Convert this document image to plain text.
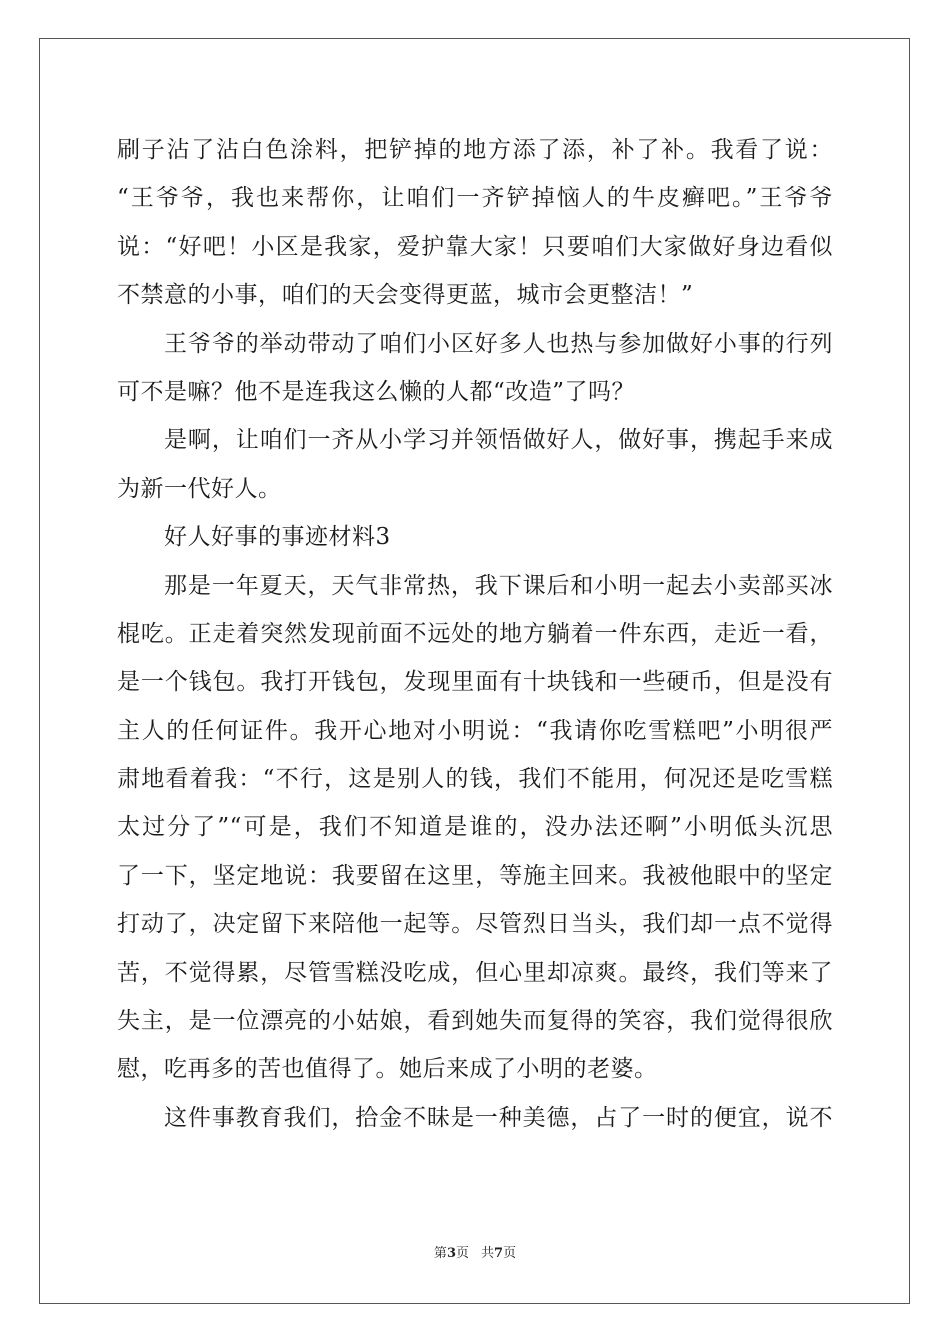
刷子沾了沾白色涂料，把铲掉的地方添了添，补了补。我看了说：
“王爷爷，我也来帮你，让咱们一齐铲掉恼人的牛皮癣吧。”王爷爷
说：“好吧！小区是我家，爱护靠大家！只要咱们大家做好身边看似
不禁意的小事，咱们的天会变得更蓝，城市会更整洁！”
王爷爷的举动带动了咱们小区好多人也热与参加做好小事的行列
可不是嘛？他不是连我这么懒的人都“改造”了吗？
是啊，让咱们一齐从小学习并领悟做好人，做好事，携起手来成
为新一代好人。
好人好事的事迹材料3
那是一年夏天，天气非常热，我下课后和小明一起去小卖部买冰
棍吃。正走着突然发现前面不远处的地方躺着一件东西，走近一看，
是一个钱包。我打开钱包，发现里面有十块钱和一些硬币，但是没有
主人的任何证件。我开心地对小明说：“我请你吃雪糕吧”小明很严
肃地看着我：“不行，这是别人的钱，我们不能用，何况还是吃雪糕
太过分了”“可是，我们不知道是谁的，没办法还啊”小明低头沉思
了一下，坚定地说：我要留在这里，等施主回来。我被他眼中的坚定
打动了，决定留下来陪他一起等。尽管烈日当头，我们却一点不觉得
苦，不觉得累，尽管雪糕没吃成，但心里却凉爽。最终，我们等来了
失主，是一位漂亮的小姑娘，看到她失而复得的笑容，我们觉得很欣
慰，吃再多的苦也值得了。她后来成了小明的老婆。
这件事教育我们，拾金不昧是一种美德，占了一时的便宜，说不
第3页 共7页
